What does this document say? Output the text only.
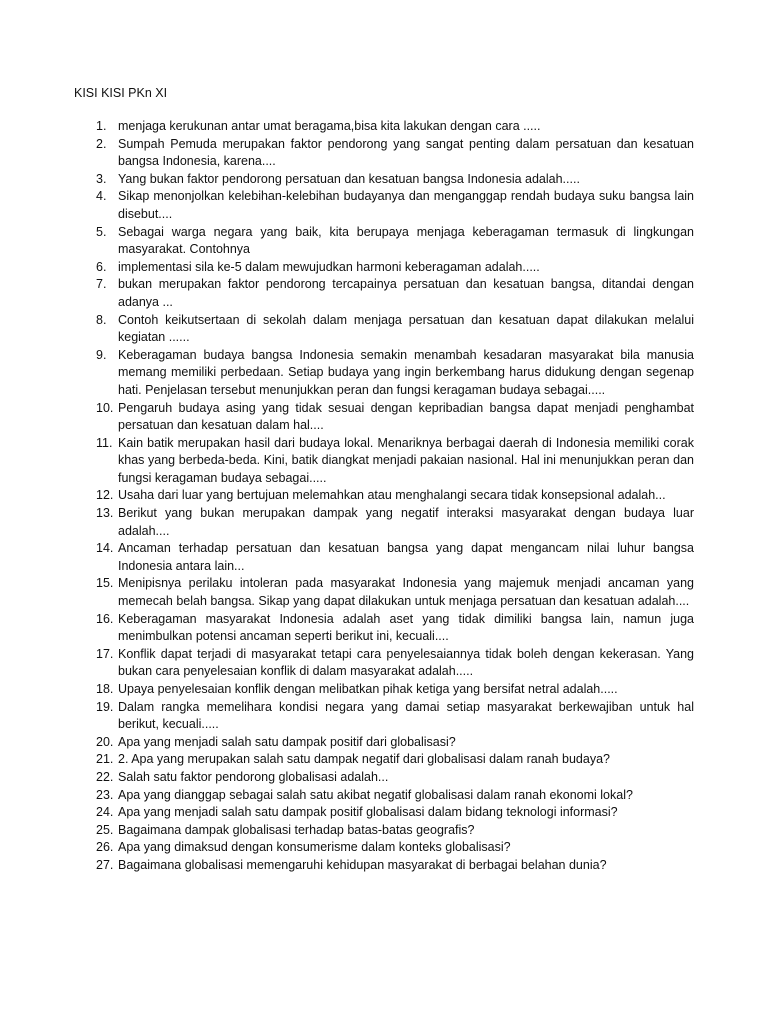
KISI KISI PKn XI
1. menjaga kerukunan antar umat beragama,bisa kita lakukan dengan cara .....
2. Sumpah Pemuda merupakan faktor pendorong yang sangat penting dalam persatuan dan kesatuan bangsa Indonesia, karena....
3. Yang bukan faktor pendorong persatuan dan kesatuan bangsa Indonesia adalah.....
4. Sikap menonjolkan kelebihan-kelebihan budayanya dan menganggap rendah budaya suku bangsa lain disebut....
5. Sebagai warga negara yang baik, kita berupaya menjaga keberagaman termasuk di lingkungan masyarakat. Contohnya
6. implementasi sila ke-5 dalam mewujudkan harmoni keberagaman adalah.....
7. bukan merupakan faktor pendorong tercapainya persatuan dan kesatuan bangsa, ditandai dengan adanya ...
8. Contoh keikutsertaan di sekolah dalam menjaga persatuan dan kesatuan dapat dilakukan melalui kegiatan ......
9. Keberagaman budaya bangsa Indonesia semakin menambah kesadaran masyarakat bila manusia memang memiliki perbedaan. Setiap budaya yang ingin berkembang harus didukung dengan segenap hati. Penjelasan tersebut menunjukkan peran dan fungsi keragaman budaya sebagai.....
10. Pengaruh budaya asing yang tidak sesuai dengan kepribadian bangsa dapat menjadi penghambat persatuan dan kesatuan dalam hal....
11. Kain batik merupakan hasil dari budaya lokal. Menariknya berbagai daerah di Indonesia memiliki corak khas yang berbeda-beda. Kini, batik diangkat menjadi pakaian nasional. Hal ini menunjukkan peran dan fungsi keragaman budaya sebagai.....
12. Usaha dari luar yang bertujuan melemahkan atau menghalangi secara tidak konsepsional adalah...
13. Berikut yang bukan merupakan dampak yang negatif interaksi masyarakat dengan budaya luar adalah....
14. Ancaman terhadap persatuan dan kesatuan bangsa yang dapat mengancam nilai luhur bangsa Indonesia antara lain...
15. Menipisnya perilaku intoleran pada masyarakat Indonesia yang majemuk menjadi ancaman yang memecah belah bangsa. Sikap yang dapat dilakukan untuk menjaga persatuan dan kesatuan adalah....
16. Keberagaman masyarakat Indonesia adalah aset yang tidak dimiliki bangsa lain, namun juga menimbulkan potensi ancaman seperti berikut ini, kecuali....
17. Konflik dapat terjadi di masyarakat tetapi cara penyelesaiannya tidak boleh dengan kekerasan. Yang bukan cara penyelesaian konflik di dalam masyarakat adalah.....
18. Upaya penyelesaian konflik dengan melibatkan pihak ketiga yang bersifat netral adalah.....
19. Dalam rangka memelihara kondisi negara yang damai setiap masyarakat berkewajiban untuk hal berikut, kecuali.....
20. Apa yang menjadi salah satu dampak positif dari globalisasi?
21. 2. Apa yang merupakan salah satu dampak negatif dari globalisasi dalam ranah budaya?
22. Salah satu faktor pendorong globalisasi adalah...
23. Apa yang dianggap sebagai salah satu akibat negatif globalisasi dalam ranah ekonomi lokal?
24. Apa yang menjadi salah satu dampak positif globalisasi dalam bidang teknologi informasi?
25. Bagaimana dampak globalisasi terhadap batas-batas geografis?
26. Apa yang dimaksud dengan konsumerisme dalam konteks globalisasi?
27. Bagaimana globalisasi memengaruhi kehidupan masyarakat di berbagai belahan dunia?
